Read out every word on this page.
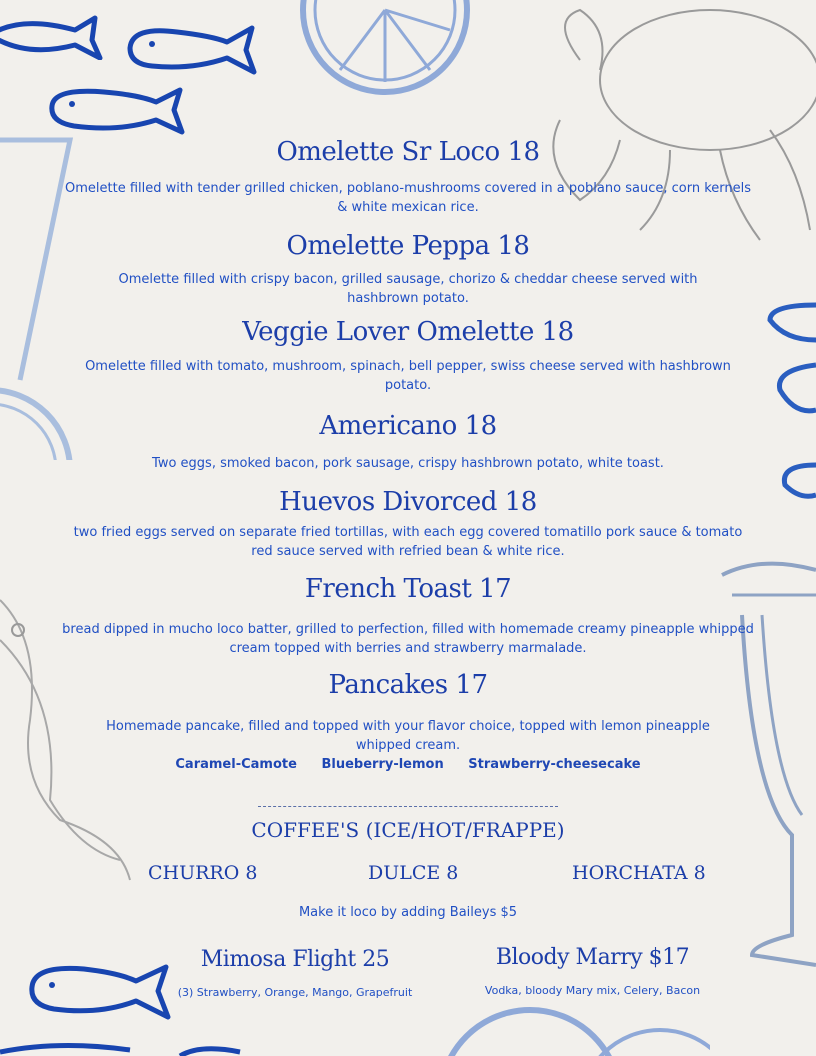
Omelette Sr Loco 18

Omelette filled with tender grilled chicken, poblano-mushrooms covered in a poblano sauce, corn kernels & white mexican rice.

Omelette Peppa 18

Omelette filled with crispy bacon, grilled sausage, chorizo & cheddar cheese served with hashbrown potato.

Veggie Lover Omelette 18

Omelette filled with tomato, mushroom, spinach, bell pepper, swiss cheese served with hashbrown potato.

Americano 18

Two eggs, smoked bacon, pork sausage, crispy hashbrown potato, white toast.

Huevos Divorced 18

two fried eggs served on separate fried tortillas, with each egg covered tomatillo pork sauce & tomato red sauce served with refried bean & white rice.

French Toast 17

bread dipped in mucho loco batter, grilled to perfection, filled with homemade creamy pineapple whipped cream topped with berries and strawberry marmalade.

Pancakes 17

Homemade pancake, filled and topped with your flavor choice, topped with lemon pineapple whipped cream.

Caramel-Camote Blueberry-lemon Strawberry-cheesecake
COFFEE'S (ICE/HOT/FRAPPE)
CHURRO 8	DULCE 8	HORCHATA 8
Make it loco by adding Baileys $5
Mimosa Flight 25
(3) Strawberry, Orange, Mango, Grapefruit
Bloody Marry $17
Vodka, bloody Mary mix, Celery, Bacon
